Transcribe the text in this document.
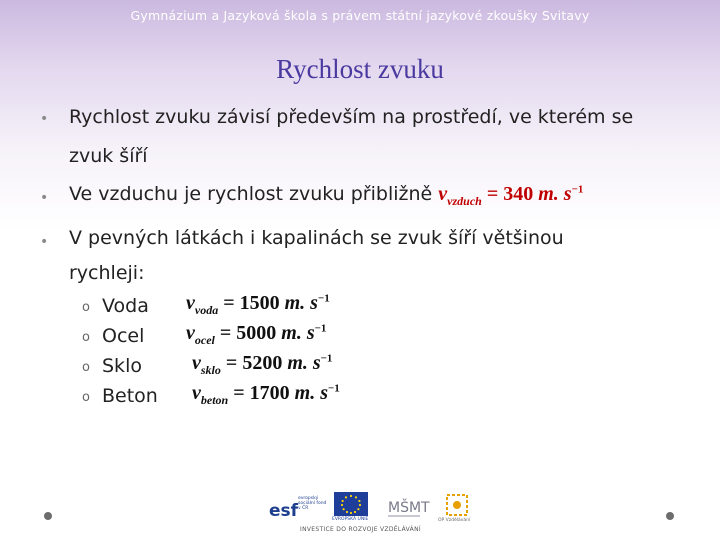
Gymnázium a Jazyková škola s právem státní jazykové zkoušky Svitavy
Rychlost zvuku
• Rychlost zvuku závisí především na prostředí, ve kterém se
zvuk šíří
• Ve vzduchu je rychlost zvuku přibližně $v_{vzduch} = 340$ m. $s^{-1}$
• V pevných látkách i kapalinách se zvuk šíří většinou
rychleji:
o Voda $v_{voda} = 1500$ m. $s^{-1}$
o Ocel $v_{ocel} = 5000$ m. $s^{-1}$
o Sklo	$v_{sklo} = 5200$ m. $s^{-1}$
o Beton $v_{beton} = 1700$ m. $s^{-1}$
esf
evropský sociální fond v ČR
EVROPSKÁ UNIE
MŠMT
OP Vzdělávání
INVESTICE DO ROZVOJE VZDĚLÁVÁNÍ
